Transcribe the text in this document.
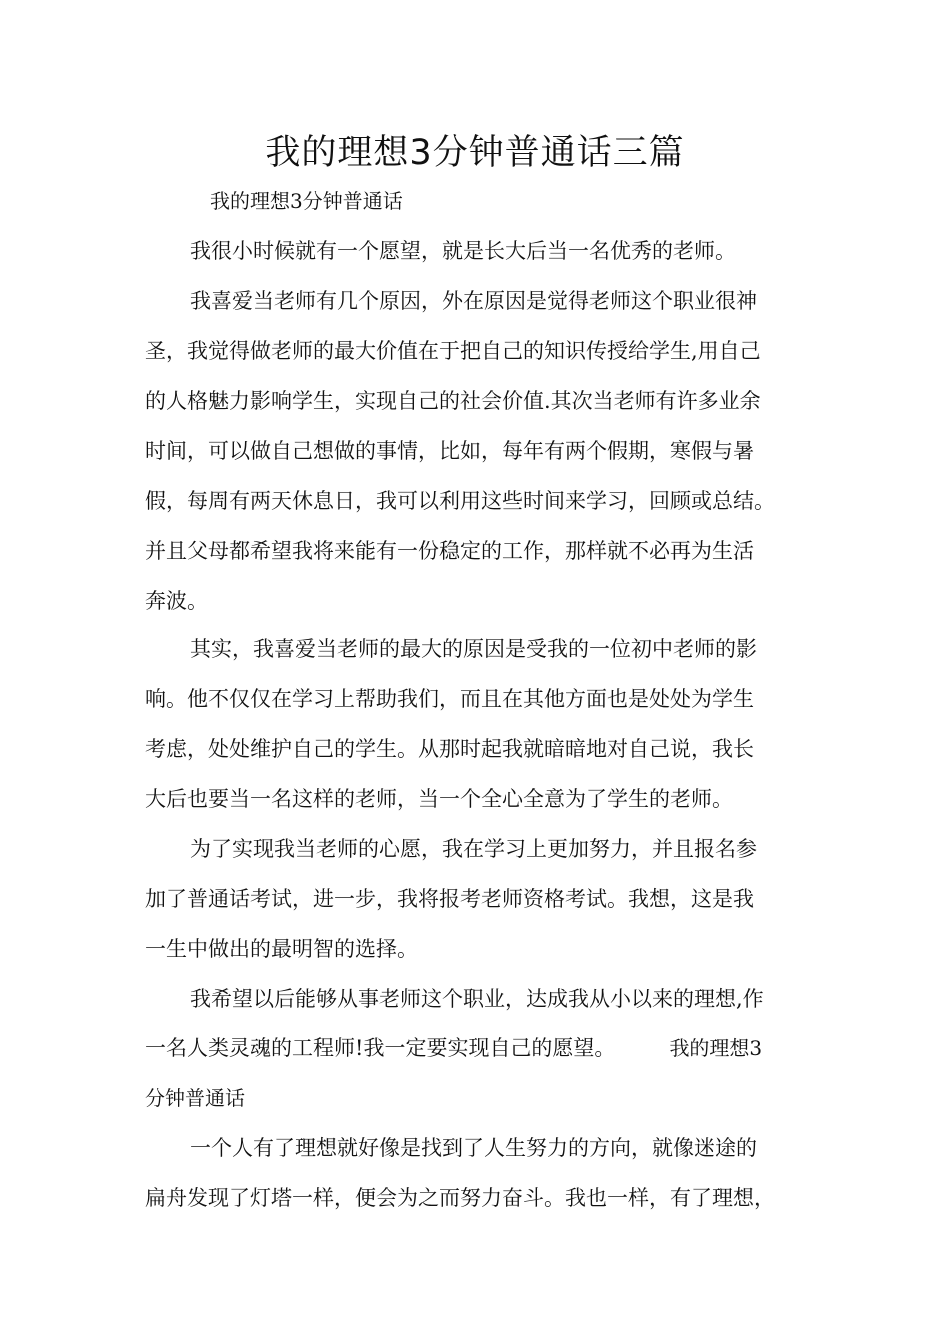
我的理想3分钟普通话三篇

我的理想3分钟普通话

我很小时候就有一个愿望，就是长大后当一名优秀的老师。

我喜爱当老师有几个原因，外在原因是觉得老师这个职业很神

圣，我觉得做老师的最大价值在于把自己的知识传授给学生,用自己

的人格魅力影响学生，实现自己的社会价值.其次当老师有许多业余

时间，可以做自己想做的事情，比如，每年有两个假期，寒假与暑

假，每周有两天休息日，我可以利用这些时间来学习，回顾或总结。

并且父母都希望我将来能有一份稳定的工作，那样就不必再为生活

奔波。

其实，我喜爱当老师的最大的原因是受我的一位初中老师的影

响。他不仅仅在学习上帮助我们，而且在其他方面也是处处为学生

考虑，处处维护自己的学生。从那时起我就暗暗地对自己说，我长

大后也要当一名这样的老师，当一个全心全意为了学生的老师。

为了实现我当老师的心愿，我在学习上更加努力，并且报名参

加了普通话考试，进一步，我将报考老师资格考试。我想，这是我

一生中做出的最明智的选择。

我希望以后能够从事老师这个职业，达成我从小以来的理想,作

一名人类灵魂的工程师!我一定要实现自己的愿望。	我的理想3

分钟普通话

一个人有了理想就好像是找到了人生努力的方向，就像迷途的

扁舟发现了灯塔一样，便会为之而努力奋斗。我也一样，有了理想，
